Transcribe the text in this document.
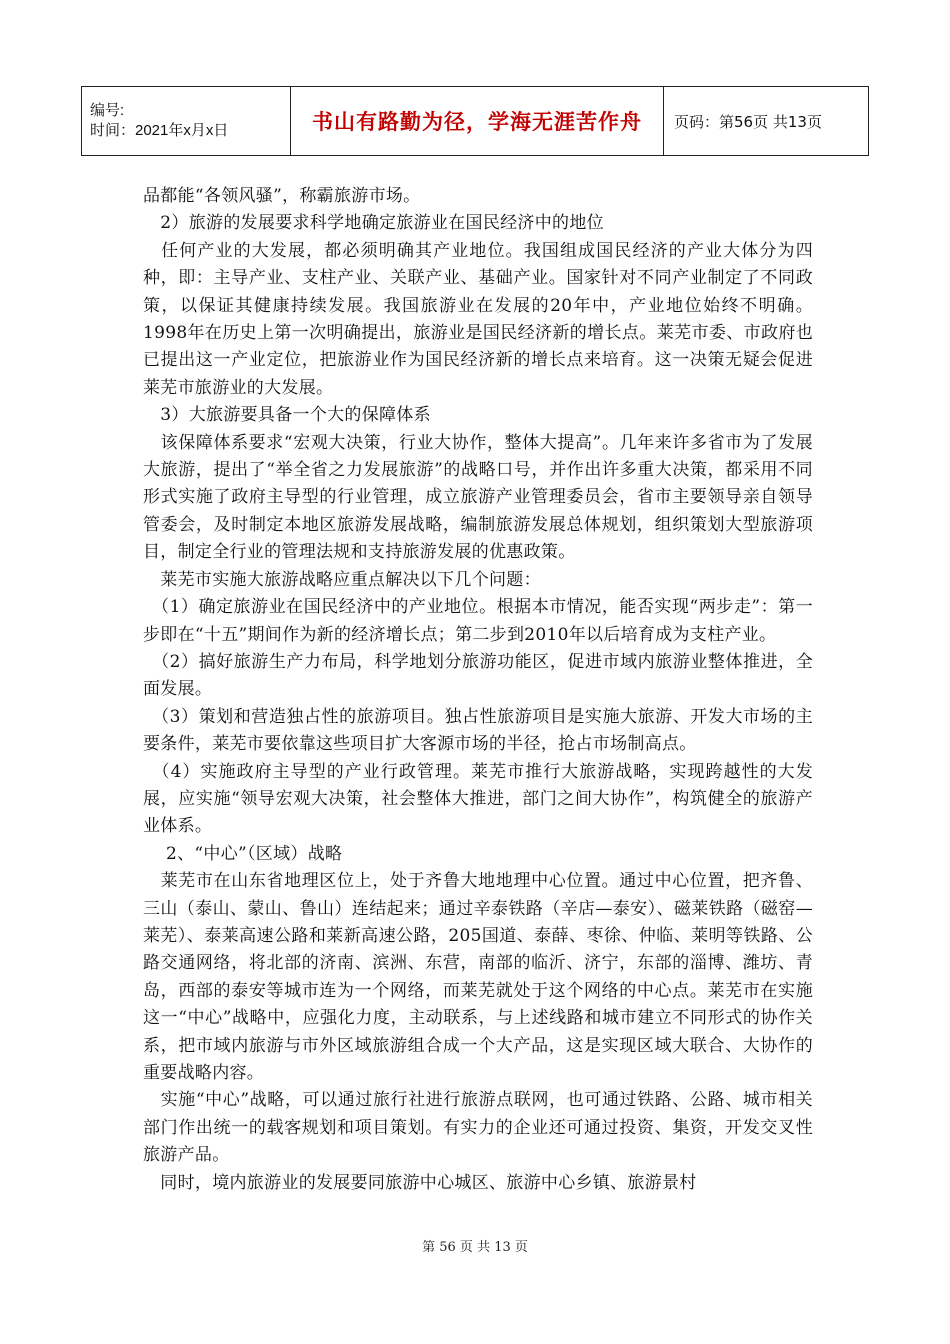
编号:
时间：2021年x月x日	书山有路勤为径，学海无涯苦作舟	页码：第56页 共13页

品都能“各领风骚”，称霸旅游市场。

　2）旅游的发展要求科学地确定旅游业在国民经济中的地位

　任何产业的大发展，都必须明确其产业地位。我国组成国民经济的产业大体分为四种，即：主导产业、支柱产业、关联产业、基础产业。国家针对不同产业制定了不同政策，以保证其健康持续发展。我国旅游业在发展的20年中，产业地位始终不明确。1998年在历史上第一次明确提出，旅游业是国民经济新的增长点。莱芜市委、市政府也已提出这一产业定位，把旅游业作为国民经济新的增长点来培育。这一决策无疑会促进莱芜市旅游业的大发展。

　3）大旅游要具备一个大的保障体系

　该保障体系要求“宏观大决策，行业大协作，整体大提高”。几年来许多省市为了发展大旅游，提出了“举全省之力发展旅游”的战略口号，并作出许多重大决策，都采用不同形式实施了政府主导型的行业管理，成立旅游产业管理委员会，省市主要领导亲自领导管委会，及时制定本地区旅游发展战略，编制旅游发展总体规划，组织策划大型旅游项目，制定全行业的管理法规和支持旅游发展的优惠政策。

　莱芜市实施大旅游战略应重点解决以下几个问题：

　（1）确定旅游业在国民经济中的产业地位。根据本市情况，能否实现“两步走”：第一步即在“十五”期间作为新的经济增长点；第二步到2010年以后培育成为支柱产业。

　（2）搞好旅游生产力布局，科学地划分旅游功能区，促进市域内旅游业整体推进，全面发展。

　（3）策划和营造独占性的旅游项目。独占性旅游项目是实施大旅游、开发大市场的主要条件，莱芜市要依靠这些项目扩大客源市场的半径，抢占市场制高点。

　（4）实施政府主导型的产业行政管理。莱芜市推行大旅游战略，实现跨越性的大发展，应实施“领导宏观大决策，社会整体大推进，部门之间大协作”，构筑健全的旅游产业体系。

　 2、“中心”（区域）战略

　莱芜市在山东省地理区位上，处于齐鲁大地地理中心位置。通过中心位置，把齐鲁、三山（泰山、蒙山、鲁山）连结起来；通过辛泰铁路（辛店—泰安）、磁莱铁路（磁窑—莱芜）、泰莱高速公路和莱新高速公路，205国道、泰薛、枣徐、仲临、莱明等铁路、公路交通网络，将北部的济南、滨洲、东营，南部的临沂、济宁，东部的淄博、潍坊、青岛，西部的泰安等城市连为一个网络，而莱芜就处于这个网络的中心点。莱芜市在实施这一“中心”战略中，应强化力度，主动联系，与上述线路和城市建立不同形式的协作关系，把市域内旅游与市外区域旅游组合成一个大产品，这是实现区域大联合、大协作的重要战略内容。

　实施“中心”战略，可以通过旅行社进行旅游点联网，也可通过铁路、公路、城市相关部门作出统一的载客规划和项目策划。有实力的企业还可通过投资、集资，开发交叉性旅游产品。

　同时，境内旅游业的发展要同旅游中心城区、旅游中心乡镇、旅游景村

第 56 页 共 13 页
